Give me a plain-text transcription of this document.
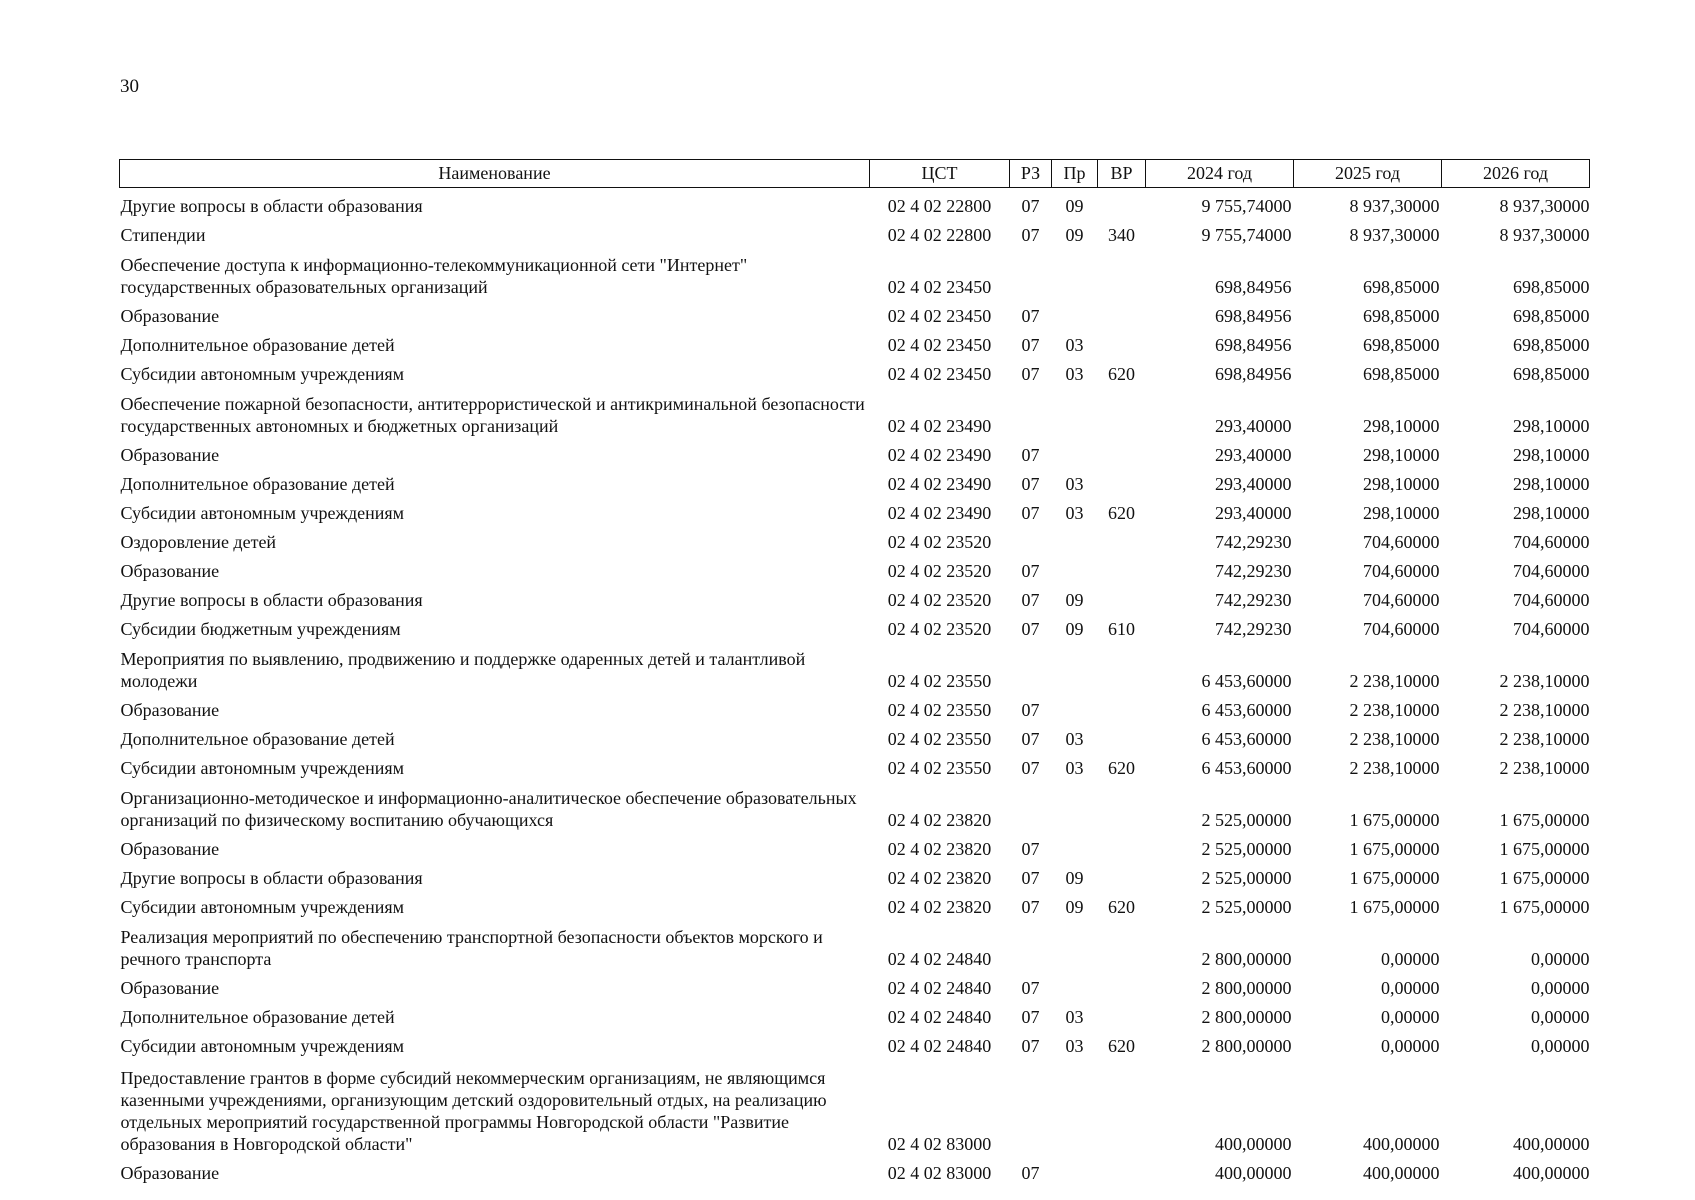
30
Наименование	ЦСТ	РЗ	Пр	ВР	2024 год	2025 год	2026 год
Другие вопросы в области образования	02 4 02 22800	07	09		9 755,74000	8 937,30000	8 937,30000
Стипендии	02 4 02 22800	07	09	340	9 755,74000	8 937,30000	8 937,30000
Обеспечение доступа к информационно-телекоммуникационной сети "Интернет" государственных образовательных организаций	02 4 02 23450				698,84956	698,85000	698,85000
Образование	02 4 02 23450	07			698,84956	698,85000	698,85000
Дополнительное образование детей	02 4 02 23450	07	03		698,84956	698,85000	698,85000
Субсидии автономным учреждениям	02 4 02 23450	07	03	620	698,84956	698,85000	698,85000
Обеспечение пожарной безопасности, антитеррористической и антикриминальной безопасности государственных автономных и бюджетных организаций	02 4 02 23490				293,40000	298,10000	298,10000
Образование	02 4 02 23490	07			293,40000	298,10000	298,10000
Дополнительное образование детей	02 4 02 23490	07	03		293,40000	298,10000	298,10000
Субсидии автономным учреждениям	02 4 02 23490	07	03	620	293,40000	298,10000	298,10000
Оздоровление детей	02 4 02 23520				742,29230	704,60000	704,60000
Образование	02 4 02 23520	07			742,29230	704,60000	704,60000
Другие вопросы в области образования	02 4 02 23520	07	09		742,29230	704,60000	704,60000
Субсидии бюджетным учреждениям	02 4 02 23520	07	09	610	742,29230	704,60000	704,60000
Мероприятия по выявлению, продвижению и поддержке одаренных детей и талантливой молодежи	02 4 02 23550				6 453,60000	2 238,10000	2 238,10000
Образование	02 4 02 23550	07			6 453,60000	2 238,10000	2 238,10000
Дополнительное образование детей	02 4 02 23550	07	03		6 453,60000	2 238,10000	2 238,10000
Субсидии автономным учреждениям	02 4 02 23550	07	03	620	6 453,60000	2 238,10000	2 238,10000
Организационно-методическое и информационно-аналитическое обеспечение образовательных организаций по физическому воспитанию обучающихся	02 4 02 23820				2 525,00000	1 675,00000	1 675,00000
Образование	02 4 02 23820	07			2 525,00000	1 675,00000	1 675,00000
Другие вопросы в области образования	02 4 02 23820	07	09		2 525,00000	1 675,00000	1 675,00000
Субсидии автономным учреждениям	02 4 02 23820	07	09	620	2 525,00000	1 675,00000	1 675,00000
Реализация мероприятий по обеспечению транспортной безопасности объектов морского и речного транспорта	02 4 02 24840				2 800,00000	0,00000	0,00000
Образование	02 4 02 24840	07			2 800,00000	0,00000	0,00000
Дополнительное образование детей	02 4 02 24840	07	03		2 800,00000	0,00000	0,00000
Субсидии автономным учреждениям	02 4 02 24840	07	03	620	2 800,00000	0,00000	0,00000
Предоставление грантов в форме субсидий некоммерческим организациям, не являющимся казенными учреждениями, организующим детский оздоровительный отдых, на реализацию отдельных мероприятий государственной программы Новгородской области "Развитие образования в Новгородской области"	02 4 02 83000				400,00000	400,00000	400,00000
Образование	02 4 02 83000	07			400,00000	400,00000	400,00000
